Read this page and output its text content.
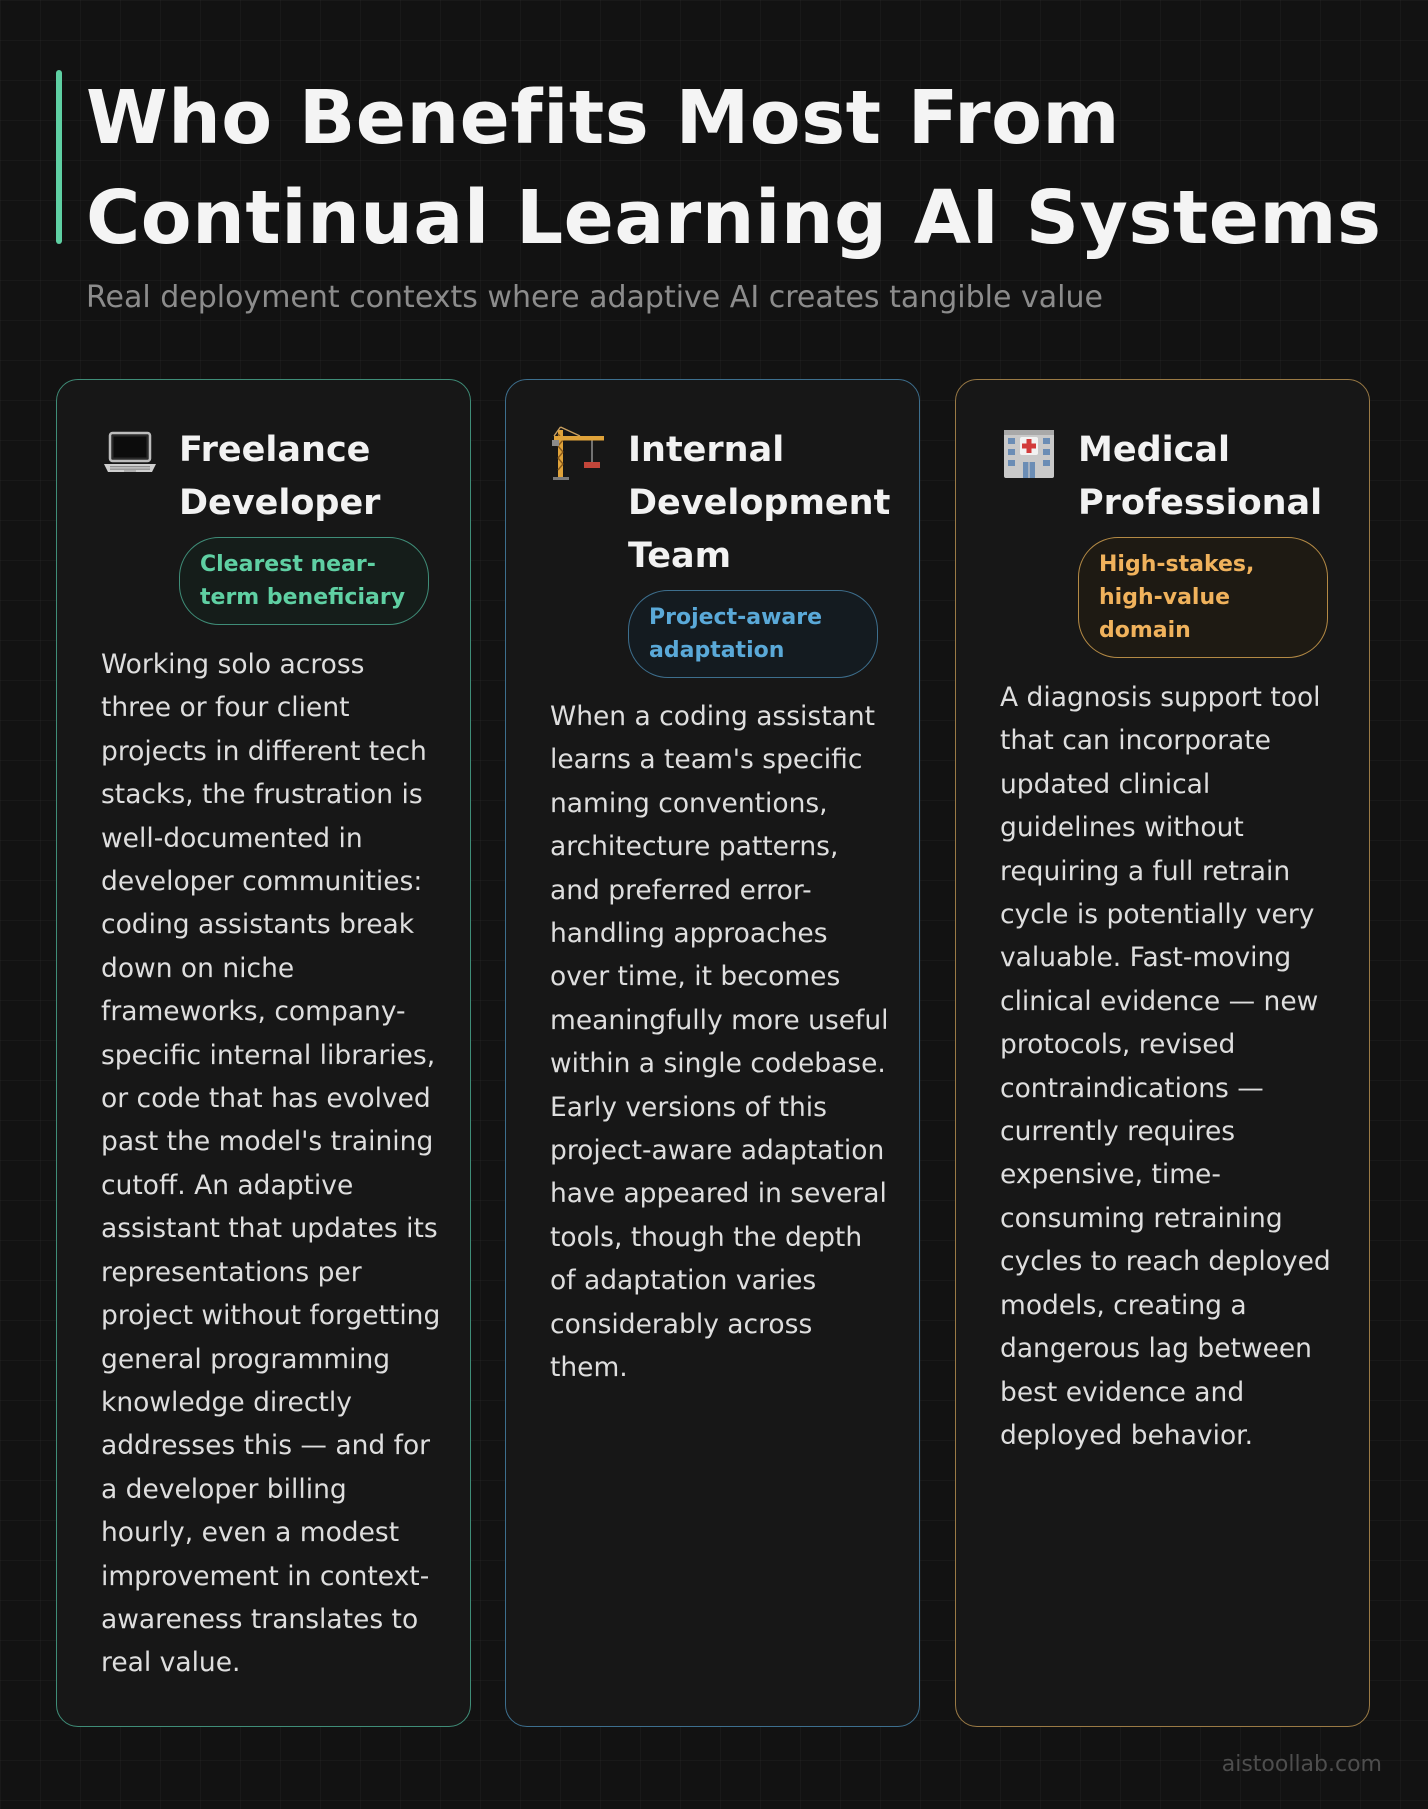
Who Benefits Most From Continual Learning AI Systems

Real deployment contexts where adaptive AI creates tangible value

Freelance Developer
Clearest near-term beneficiary

Working solo across three or four client projects in different tech stacks, the frustration is well-documented in developer communities: coding assistants break down on niche frameworks, company-specific internal libraries, or code that has evolved past the model's training cutoff. An adaptive assistant that updates its representations per project without forgetting general programming knowledge directly addresses this — and for a developer billing hourly, even a modest improvement in context-awareness translates to real value.

Internal Development Team
Project-aware adaptation

When a coding assistant learns a team's specific naming conventions, architecture patterns, and preferred error-handling approaches over time, it becomes meaningfully more useful within a single codebase. Early versions of this project-aware adaptation have appeared in several tools, though the depth of adaptation varies considerably across them.

Medical Professional
High-stakes, high-value domain

A diagnosis support tool that can incorporate updated clinical guidelines without requiring a full retrain cycle is potentially very valuable. Fast-moving clinical evidence — new protocols, revised contraindications — currently requires expensive, time-consuming retraining cycles to reach deployed models, creating a dangerous lag between best evidence and deployed behavior.

aistoollab.com
